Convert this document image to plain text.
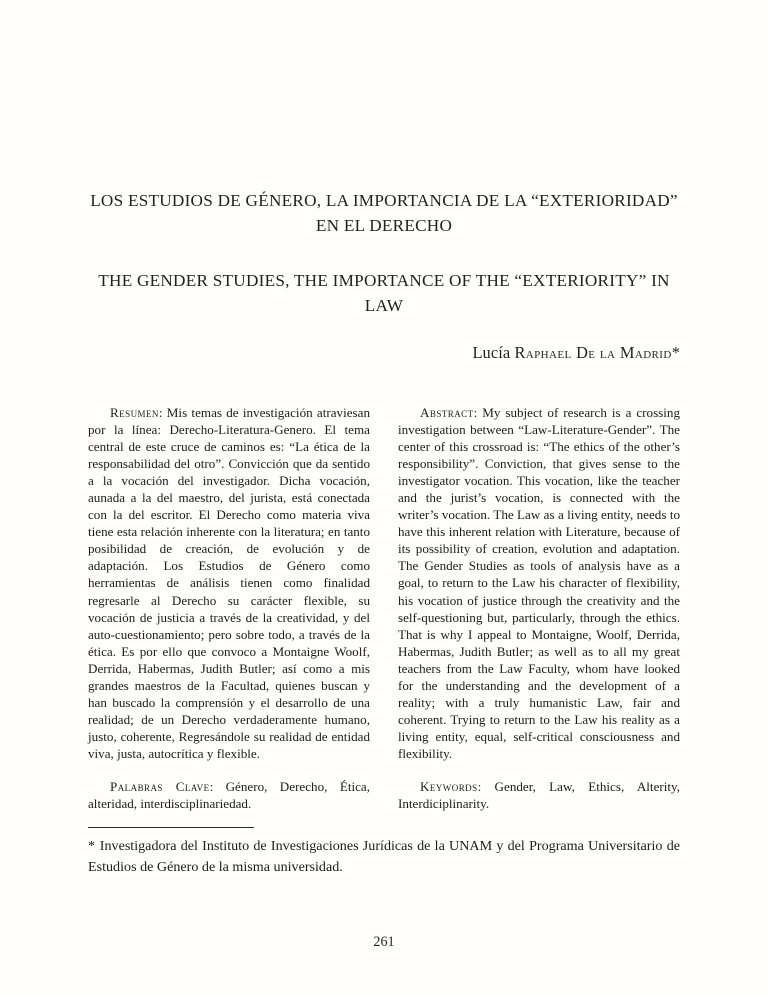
LOS ESTUDIOS DE GÉNERO, LA IMPORTANCIA DE LA “EXTERIORIDAD” EN EL DERECHO
THE GENDER STUDIES, THE IMPORTANCE OF THE “EXTERIORITY” IN LAW
Lucía Raphael De la Madrid*

Resumen: Mis temas de investigación atraviesan por la línea: Derecho-Literatura-Genero. El tema central de este cruce de caminos es: “La ética de la responsabilidad del otro”. Convicción que da sentido a la vocación del investigador. Dicha vocación, aunada a la del maestro, del jurista, está conectada con la del escritor. El Derecho como materia viva tiene esta relación inherente con la literatura; en tanto posibilidad de creación, de evolución y de adaptación. Los Estudios de Género como herramientas de análisis tienen como finalidad regresarle al Derecho su carácter flexible, su vocación de justicia a través de la creatividad, y del auto-cuestionamiento; pero sobre todo, a través de la ética. Es por ello que convoco a Montaigne Woolf, Derrida, Habermas, Judith Butler; así como a mis grandes maestros de la Facultad, quienes buscan y han buscado la comprensión y el desarrollo de una realidad; de un Derecho verdaderamente humano, justo, coherente, Regresándole su realidad de entidad viva, justa, autocrítica y flexible.

Abstract: My subject of research is a crossing investigation between “Law-Literature-Gender”. The center of this crossroad is: “The ethics of the other’s responsibility”. Conviction, that gives sense to the investigator vocation. This vocation, like the teacher and the jurist’s vocation, is connected with the writer’s vocation. The Law as a living entity, needs to have this inherent relation with Literature, because of its possibility of creation, evolution and adaptation. The Gender Studies as tools of analysis have as a goal, to return to the Law his character of flexibility, his vocation of justice through the creativity and the self-questioning but, particularly, through the ethics. That is why I appeal to Montaigne, Woolf, Derrida, Habermas, Judith Butler; as well as to all my great teachers from the Law Faculty, whom have looked for the understanding and the development of a reality; with a truly humanistic Law, fair and coherent. Trying to return to the Law his reality as a living entity, equal, self-critical consciousness and flexibility.

Palabras Clave: Género, Derecho, Ética, alteridad, interdisciplinariedad.

Keywords: Gender, Law, Ethics, Alterity, Interdiciplinarity.

* Investigadora del Instituto de Investigaciones Jurídicas de la UNAM y del Programa Universitario de Estudios de Género de la misma universidad.

261
